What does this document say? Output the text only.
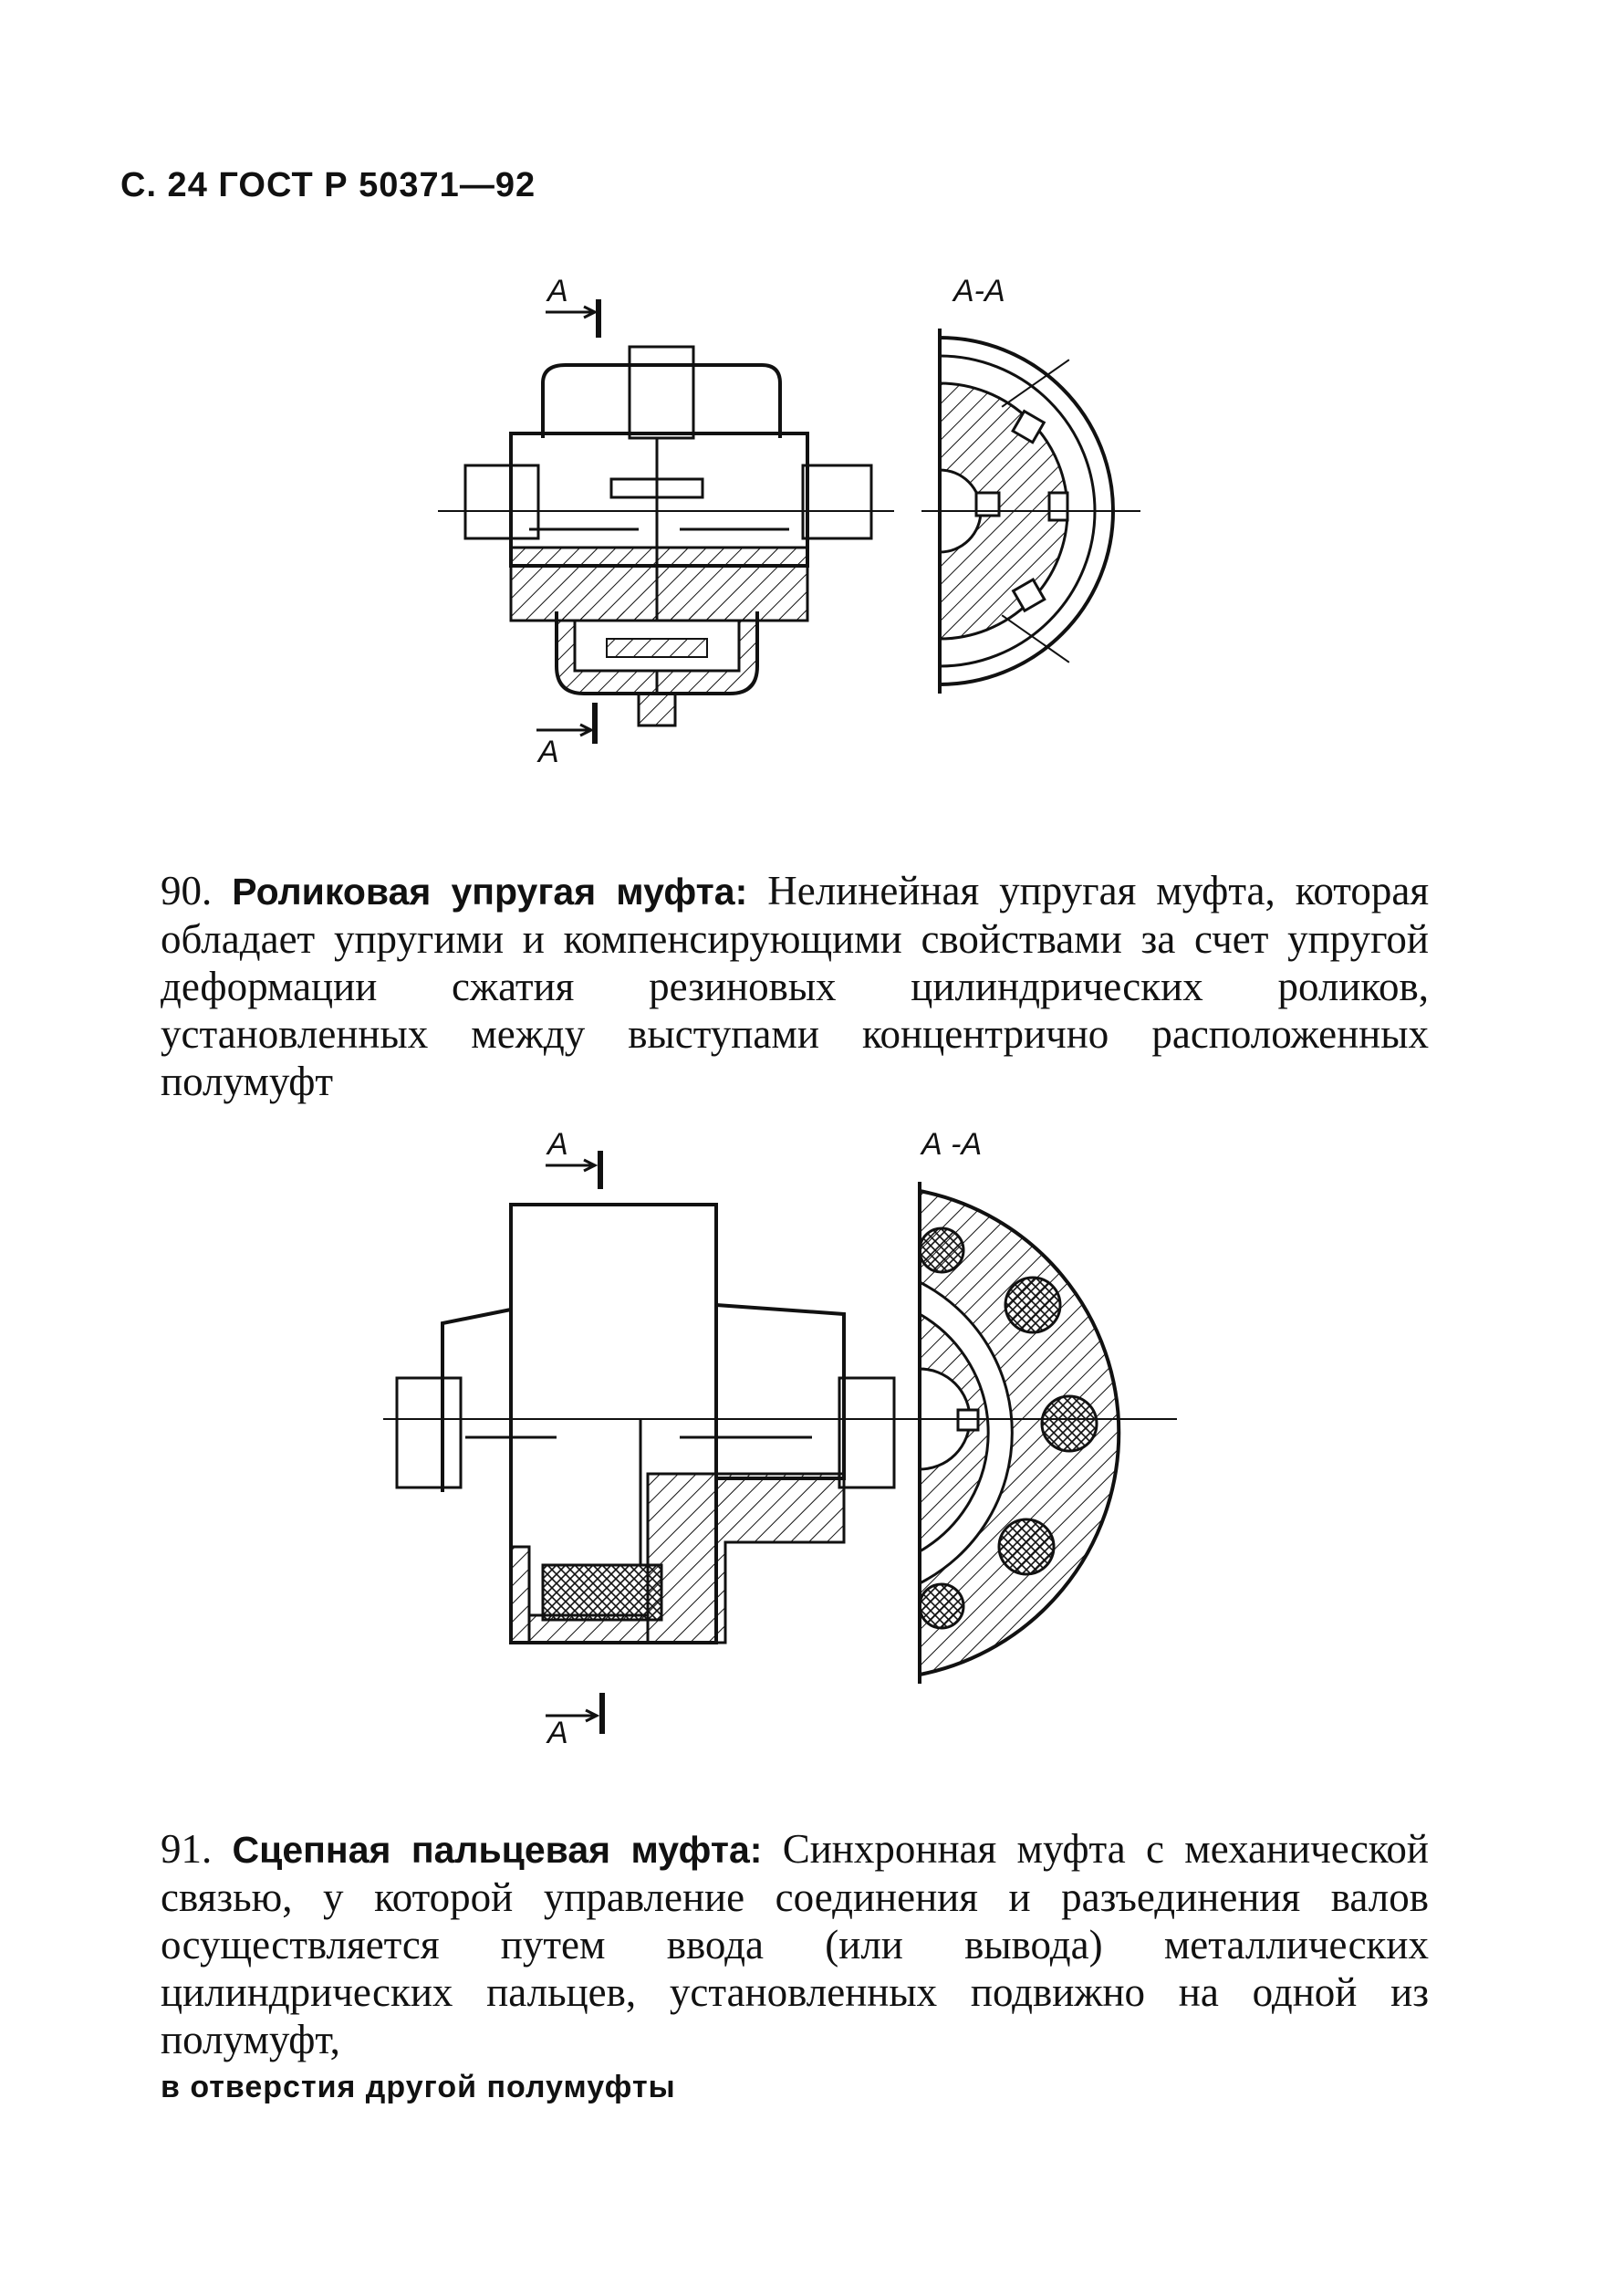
С. 24 ГОСТ Р 50371—92
А
А
А-А
90. Роликовая упругая муфта: Нелинейная упругая муфта, которая обладает упругими и компенсирующими свойствами за счет упругой деформации сжатия резиновых цилиндрических роликов, установленных между выступами концентрично расположенных полумуфт
А
А
А -А
91. Сцепная пальцевая муфта: Синхронная муфта с механической связью, у которой управление соединения и разъединения валов осуществляется путем ввода (или вывода) металлических цилиндрических пальцев, установленных подвижно на одной из полумуфт,
в отверстия другой полумуфты
